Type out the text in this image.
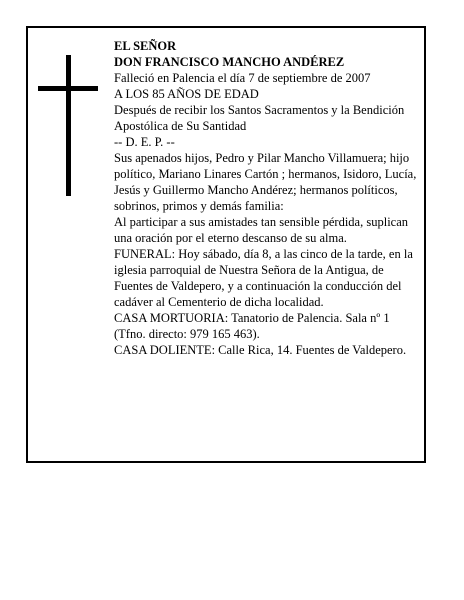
EL SEÑOR

DON FRANCISCO MANCHO ANDÉREZ

Falleció en Palencia el día 7 de septiembre de 2007

A LOS 85 AÑOS DE EDAD

Después de recibir los Santos Sacramentos y la Bendición Apostólica de Su Santidad

-- D. E. P. --

Sus apenados hijos, Pedro y Pilar Mancho Villamuera; hijo político, Mariano Linares Cartón ; hermanos, Isidoro, Lucía, Jesús y Guillermo Mancho Andérez; hermanos políticos, sobrinos, primos y demás familia:

Al participar a sus amistades tan sensible pérdida, suplican una oración por el eterno descanso de su alma.

FUNERAL: Hoy sábado, día 8, a las cinco de la tarde, en la iglesia parroquial de Nuestra Señora de la Antigua, de Fuentes de Valdepero, y a continuación la conducción del cadáver al Cementerio de dicha localidad.

CASA MORTUORIA: Tanatorio de Palencia. Sala nº 1 (Tfno. directo: 979 165 463).

CASA DOLIENTE: Calle Rica, 14. Fuentes de Valdepero.
